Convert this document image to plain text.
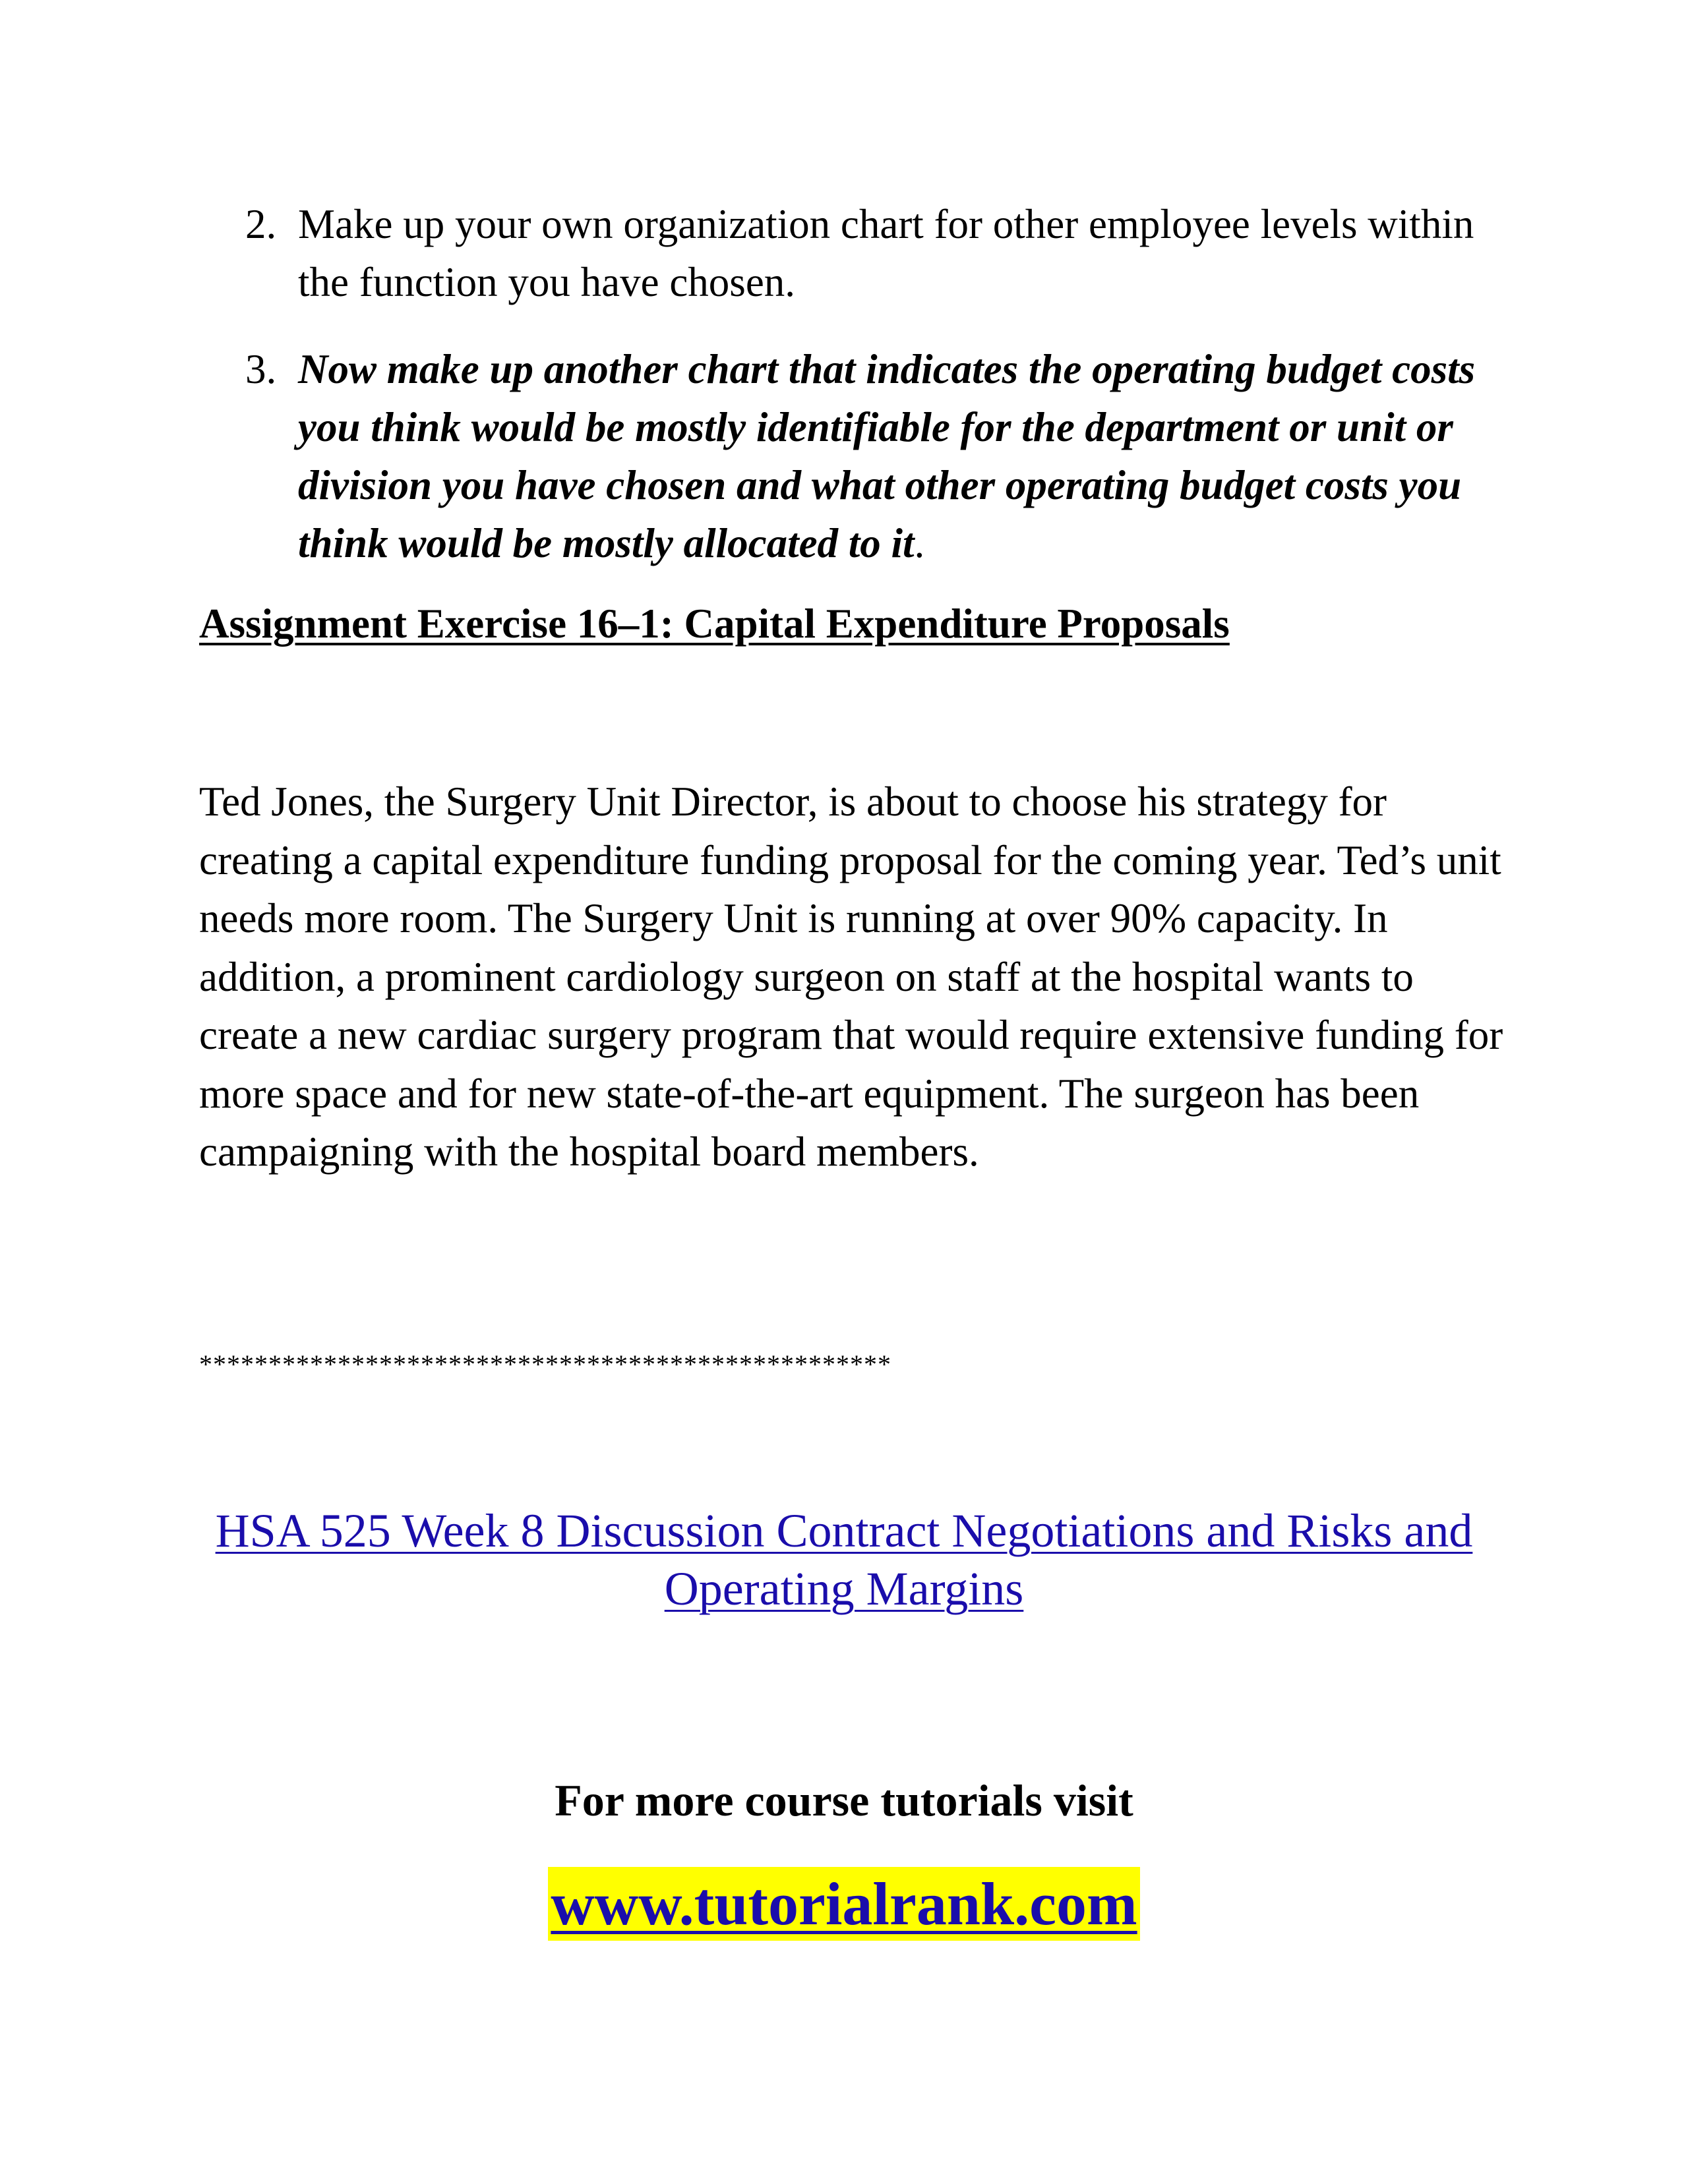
2. Make up your own organization chart for other employee levels within the function you have chosen.
3. Now make up another chart that indicates the operating budget costs you think would be mostly identifiable for the department or unit or division you have chosen and what other operating budget costs you think would be mostly allocated to it.
Assignment Exercise 16–1: Capital Expenditure Proposals
Ted Jones, the Surgery Unit Director, is about to choose his strategy for creating a capital expenditure funding proposal for the coming year. Ted’s unit needs more room. The Surgery Unit is running at over 90% capacity. In addition, a prominent cardiology surgeon on staff at the hospital wants to create a new cardiac surgery program that would require extensive funding for more space and for new state-of-the-art equipment. The surgeon has been campaigning with the hospital board members.
**************************************************
HSA 525 Week 8 Discussion Contract Negotiations and Risks and Operating Margins
For more course tutorials visit
www.tutorialrank.com
